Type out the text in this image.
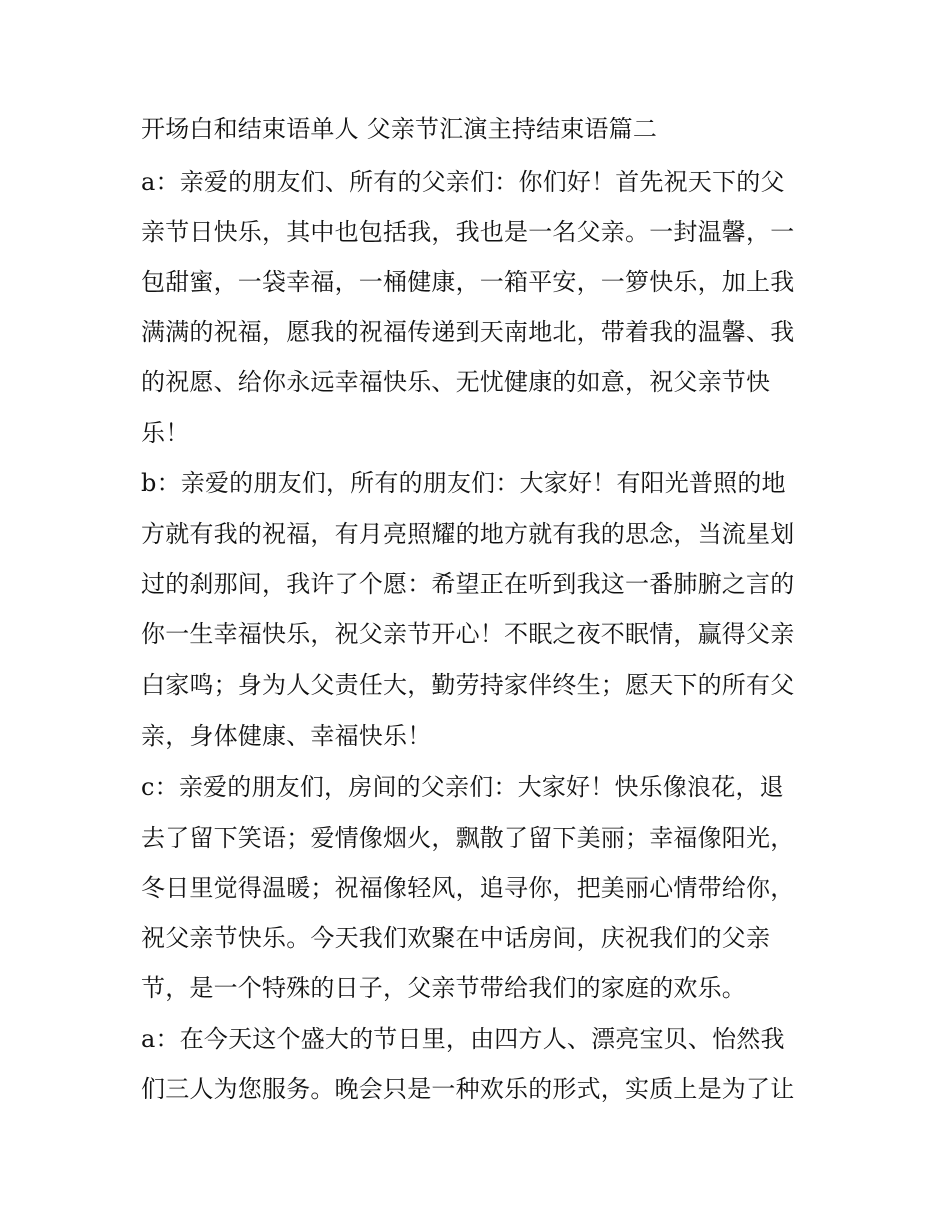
开场白和结束语单人 父亲节汇演主持结束语篇二

a：亲爱的朋友们、所有的父亲们：你们好！首先祝天下的父

亲节日快乐，其中也包括我，我也是一名父亲。一封温馨，一

包甜蜜，一袋幸福，一桶健康，一箱平安，一箩快乐，加上我

满满的祝福，愿我的祝福传递到天南地北，带着我的温馨、我

的祝愿、给你永远幸福快乐、无忧健康的如意，祝父亲节快

乐！

b：亲爱的朋友们，所有的朋友们：大家好！有阳光普照的地

方就有我的祝福，有月亮照耀的地方就有我的思念，当流星划

过的刹那间，我许了个愿：希望正在听到我这一番肺腑之言的

你一生幸福快乐，祝父亲节开心！不眠之夜不眠情，赢得父亲

白家鸣；身为人父责任大，勤劳持家伴终生；愿天下的所有父

亲，身体健康、幸福快乐！

c：亲爱的朋友们，房间的父亲们：大家好！快乐像浪花，退

去了留下笑语；爱情像烟火，飘散了留下美丽；幸福像阳光，

冬日里觉得温暖；祝福像轻风，追寻你，把美丽心情带给你，

祝父亲节快乐。今天我们欢聚在中话房间，庆祝我们的父亲

节，是一个特殊的日子，父亲节带给我们的家庭的欢乐。

a：在今天这个盛大的节日里，由四方人、漂亮宝贝、怡然我

们三人为您服务。晚会只是一种欢乐的形式，实质上是为了让
